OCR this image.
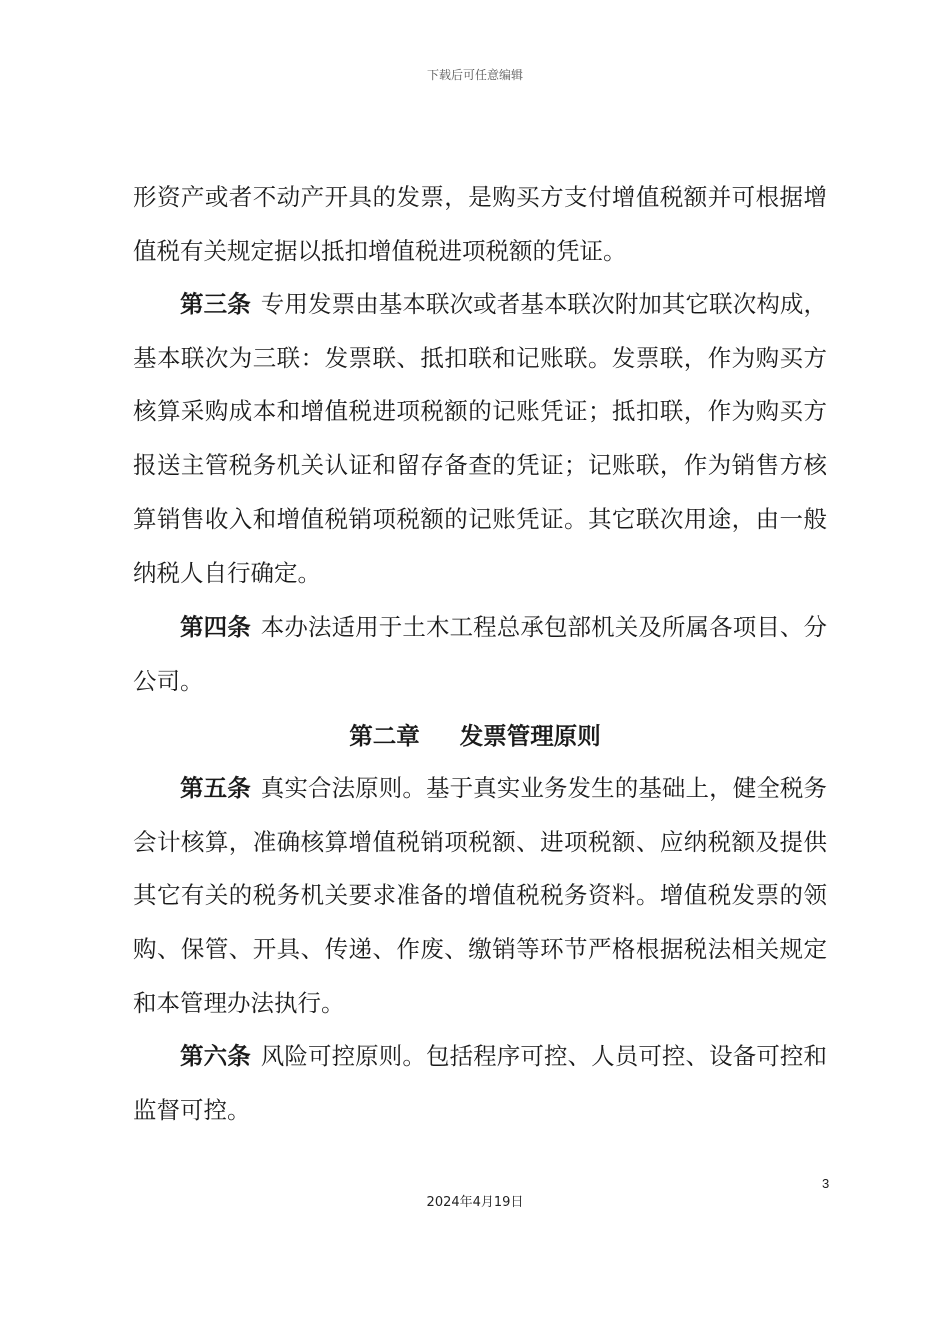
下载后可任意编辑

形资产或者不动产开具的发票，是购买方支付增值税额并可根据增值税有关规定据以抵扣增值税进项税额的凭证。

第三条 专用发票由基本联次或者基本联次附加其它联次构成，基本联次为三联：发票联、抵扣联和记账联。发票联，作为购买方核算采购成本和增值税进项税额的记账凭证；抵扣联，作为购买方报送主管税务机关认证和留存备查的凭证；记账联，作为销售方核算销售收入和增值税销项税额的记账凭证。其它联次用途，由一般纳税人自行确定。

第四条 本办法适用于土木工程总承包部机关及所属各项目、分公司。

第二章 发票管理原则

第五条 真实合法原则。基于真实业务发生的基础上，健全税务会计核算，准确核算增值税销项税额、进项税额、应纳税额及提供其它有关的税务机关要求准备的增值税税务资料。增值税发票的领购、保管、开具、传递、作废、缴销等环节严格根据税法相关规定和本管理办法执行。

第六条 风险可控原则。包括程序可控、人员可控、设备可控和监督可控。

3
2024年4月19日
